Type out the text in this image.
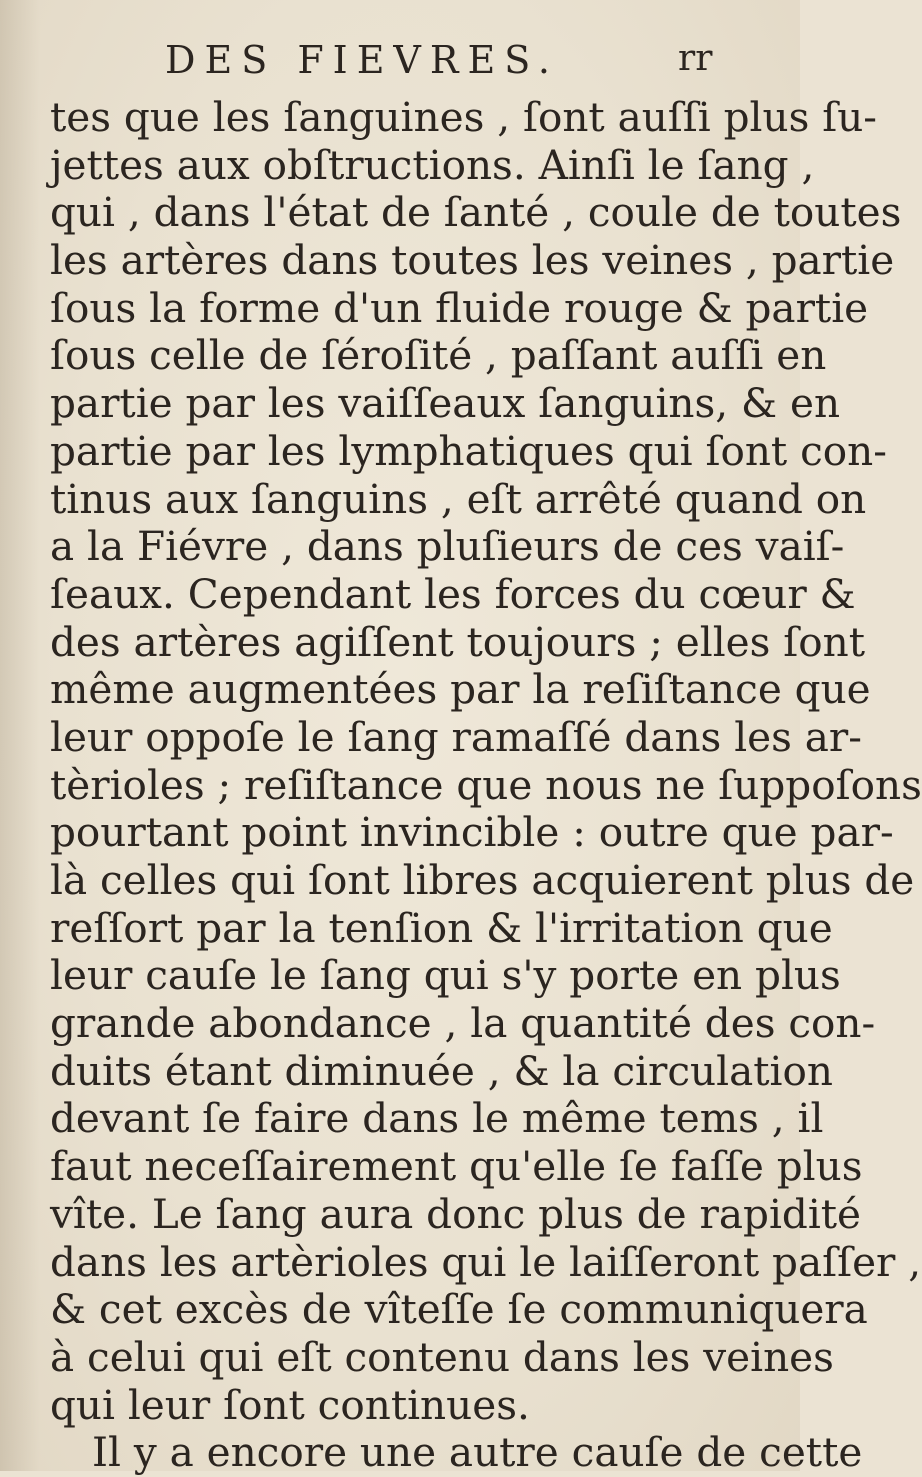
DES FIEVRES.	rr
tes que les ſanguines , ſont auſſi plus ſu-
jettes aux obſtructions. Ainſi le ſang ,
qui , dans l'état de ſanté , coule de toutes
les artères dans toutes les veines , partie
ſous la forme d'un fluide rouge & partie
ſous celle de ſéroſité , paſſant auſſi en
partie par les vaiſſeaux ſanguins, & en
partie par les lymphatiques qui ſont con-
tinus aux ſanguins , eſt arrêté quand on
a la Fiévre , dans pluſieurs de ces vaiſ-
ſeaux. Cependant les forces du cœur &
des artères agiſſent toujours ; elles ſont
même augmentées par la reſiſtance que
leur oppoſe le ſang ramaſſé dans les ar-
tèrioles ; reſiſtance que nous ne ſuppoſons
pourtant point invincible : outre que par-
là celles qui ſont libres acquierent plus de
reſſort par la tenſion & l'irritation que
leur cauſe le ſang qui s'y porte en plus
grande abondance , la quantité des con-
duits étant diminuée , & la circulation
devant ſe faire dans le même tems , il
faut neceſſairement qu'elle ſe faſſe plus
vîte. Le ſang aura donc plus de rapidité
dans les artèrioles qui le laiſſeront paſſer ,
& cet excès de vîteſſe ſe communiquera
à celui qui eſt contenu dans les veines
qui leur ſont continues.
Il y a encore une autre cauſe de cette
